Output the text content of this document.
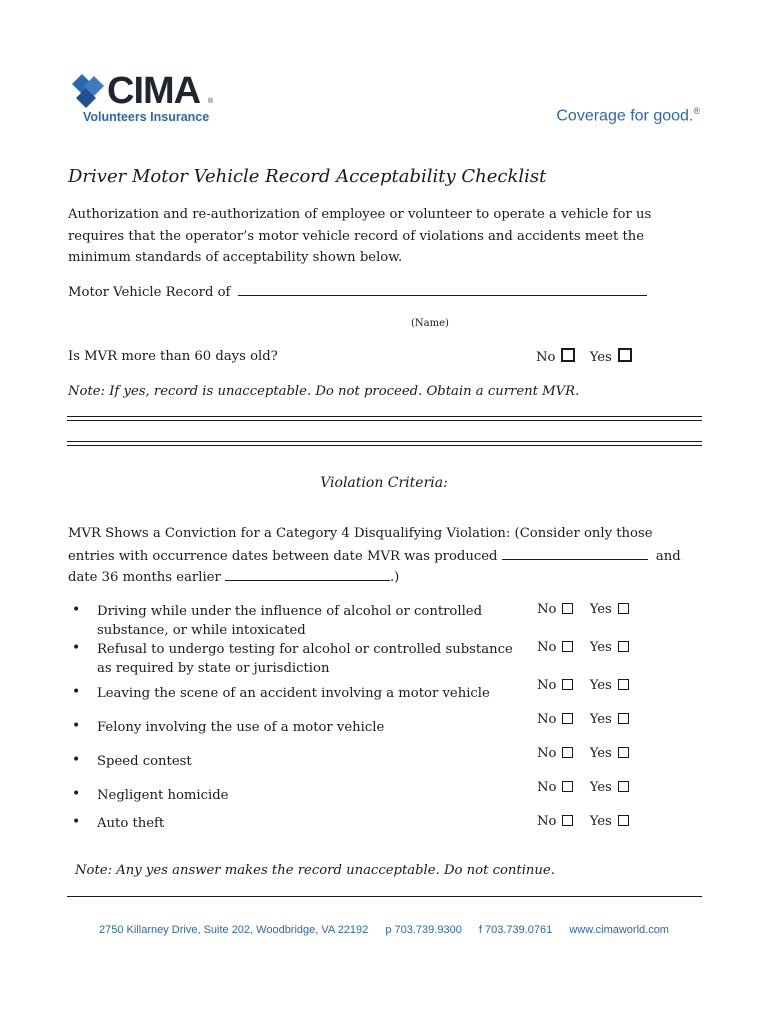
CIMA ®
Volunteers Insurance	Coverage for good.®
Driver Motor Vehicle Record Acceptability Checklist
Authorization and re-authorization of employee or volunteer to operate a vehicle for us requires that the operator’s motor vehicle record of violations and accidents meet the minimum standards of acceptability shown below.
Motor Vehicle Record of
(Name)
Is MVR more than 60 days old?	No	Yes
Note: If yes, record is unacceptable. Do not proceed. Obtain a current MVR.
Violation Criteria:
MVR Shows a Conviction for a Category 4 Disqualifying Violation: (Consider only those
entries with occurrence dates between date MVR was produced	and
date 36 months earlier	.)
• Driving while under the influence of alcohol or controlled substance, or while intoxicated
No	Yes
• Refusal to undergo testing for alcohol or controlled substance as required by state or jurisdiction
No	Yes
• Leaving the scene of an accident involving a motor vehicle
No	Yes
• Felony involving the use of a motor vehicle
No	Yes
• Speed contest
No	Yes
• Negligent homicide
No	Yes
• Auto theft	No	Yes
Note: Any yes answer makes the record unacceptable. Do not continue.
2750 Killarney Drive, Suite 202, Woodbridge, VA 22192 p 703.739.9300 f 703.739.0761 www.cimaworld.com
